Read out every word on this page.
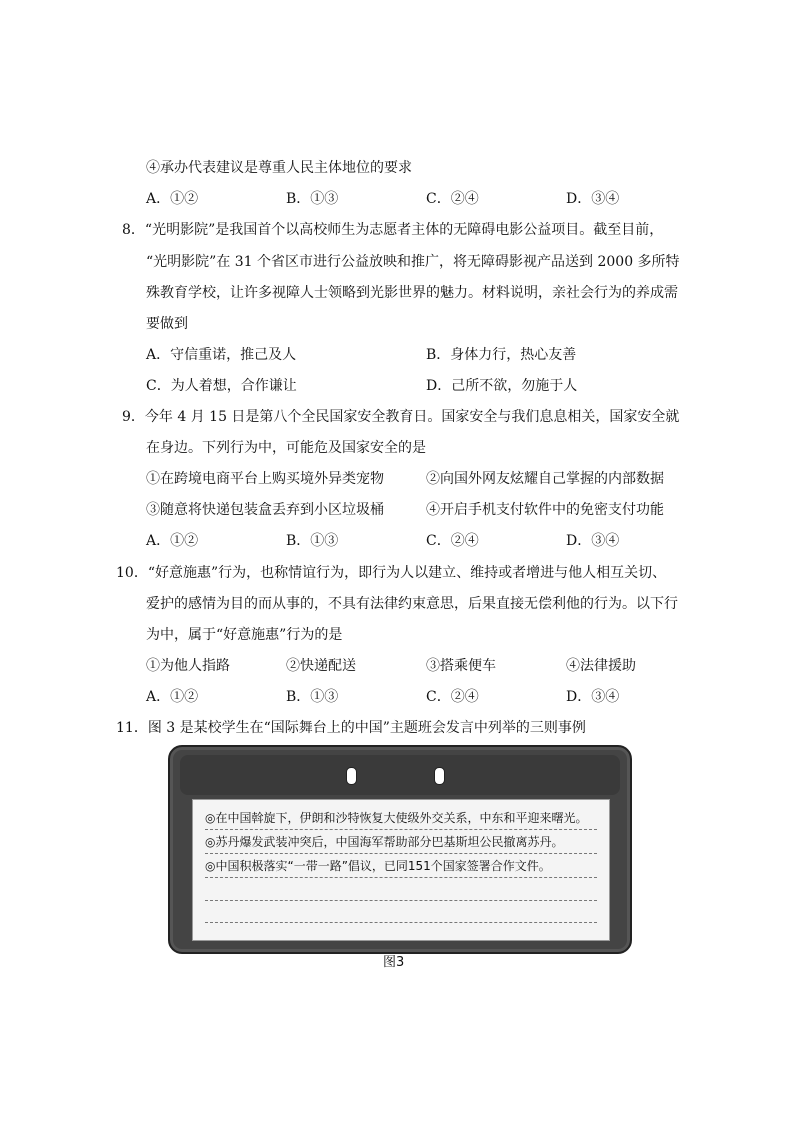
④承办代表建议是尊重人民主体地位的要求
A．①②	B．①③	C．②④	D．③④
8．“光明影院”是我国首个以高校师生为志愿者主体的无障碍电影公益项目。截至目前，
“光明影院”在 31 个省区市进行公益放映和推广，将无障碍影视产品送到 2000 多所特
殊教育学校，让许多视障人士领略到光影世界的魅力。材料说明，亲社会行为的养成需
要做到
A．守信重诺，推己及人	B．身体力行，热心友善
C．为人着想，合作谦让	D．己所不欲，勿施于人
9．今年 4 月 15 日是第八个全民国家安全教育日。国家安全与我们息息相关，国家安全就
在身边。下列行为中，可能危及国家安全的是
①在跨境电商平台上购买境外异类宠物	②向国外网友炫耀自己掌握的内部数据
③随意将快递包装盒丢弃到小区垃圾桶	④开启手机支付软件中的免密支付功能
A．①②	B．①③	C．②④	D．③④
10．“好意施惠”行为，也称情谊行为，即行为人以建立、维持或者增进与他人相互关切、
爱护的感情为目的而从事的，不具有法律约束意思，后果直接无偿利他的行为。以下行
为中，属于“好意施惠”行为的是
①为他人指路	②快递配送	③搭乘便车	④法律援助
A．①②	B．①③	C．②④	D．③④
11．图 3 是某校学生在“国际舞台上的中国”主题班会发言中列举的三则事例
◎在中国斡旋下，伊朗和沙特恢复大使级外交关系，中东和平迎来曙光。
◎苏丹爆发武装冲突后，中国海军帮助部分巴基斯坦公民撤离苏丹。
◎中国积极落实“一带一路”倡议，已同151个国家签署合作文件。
图3
